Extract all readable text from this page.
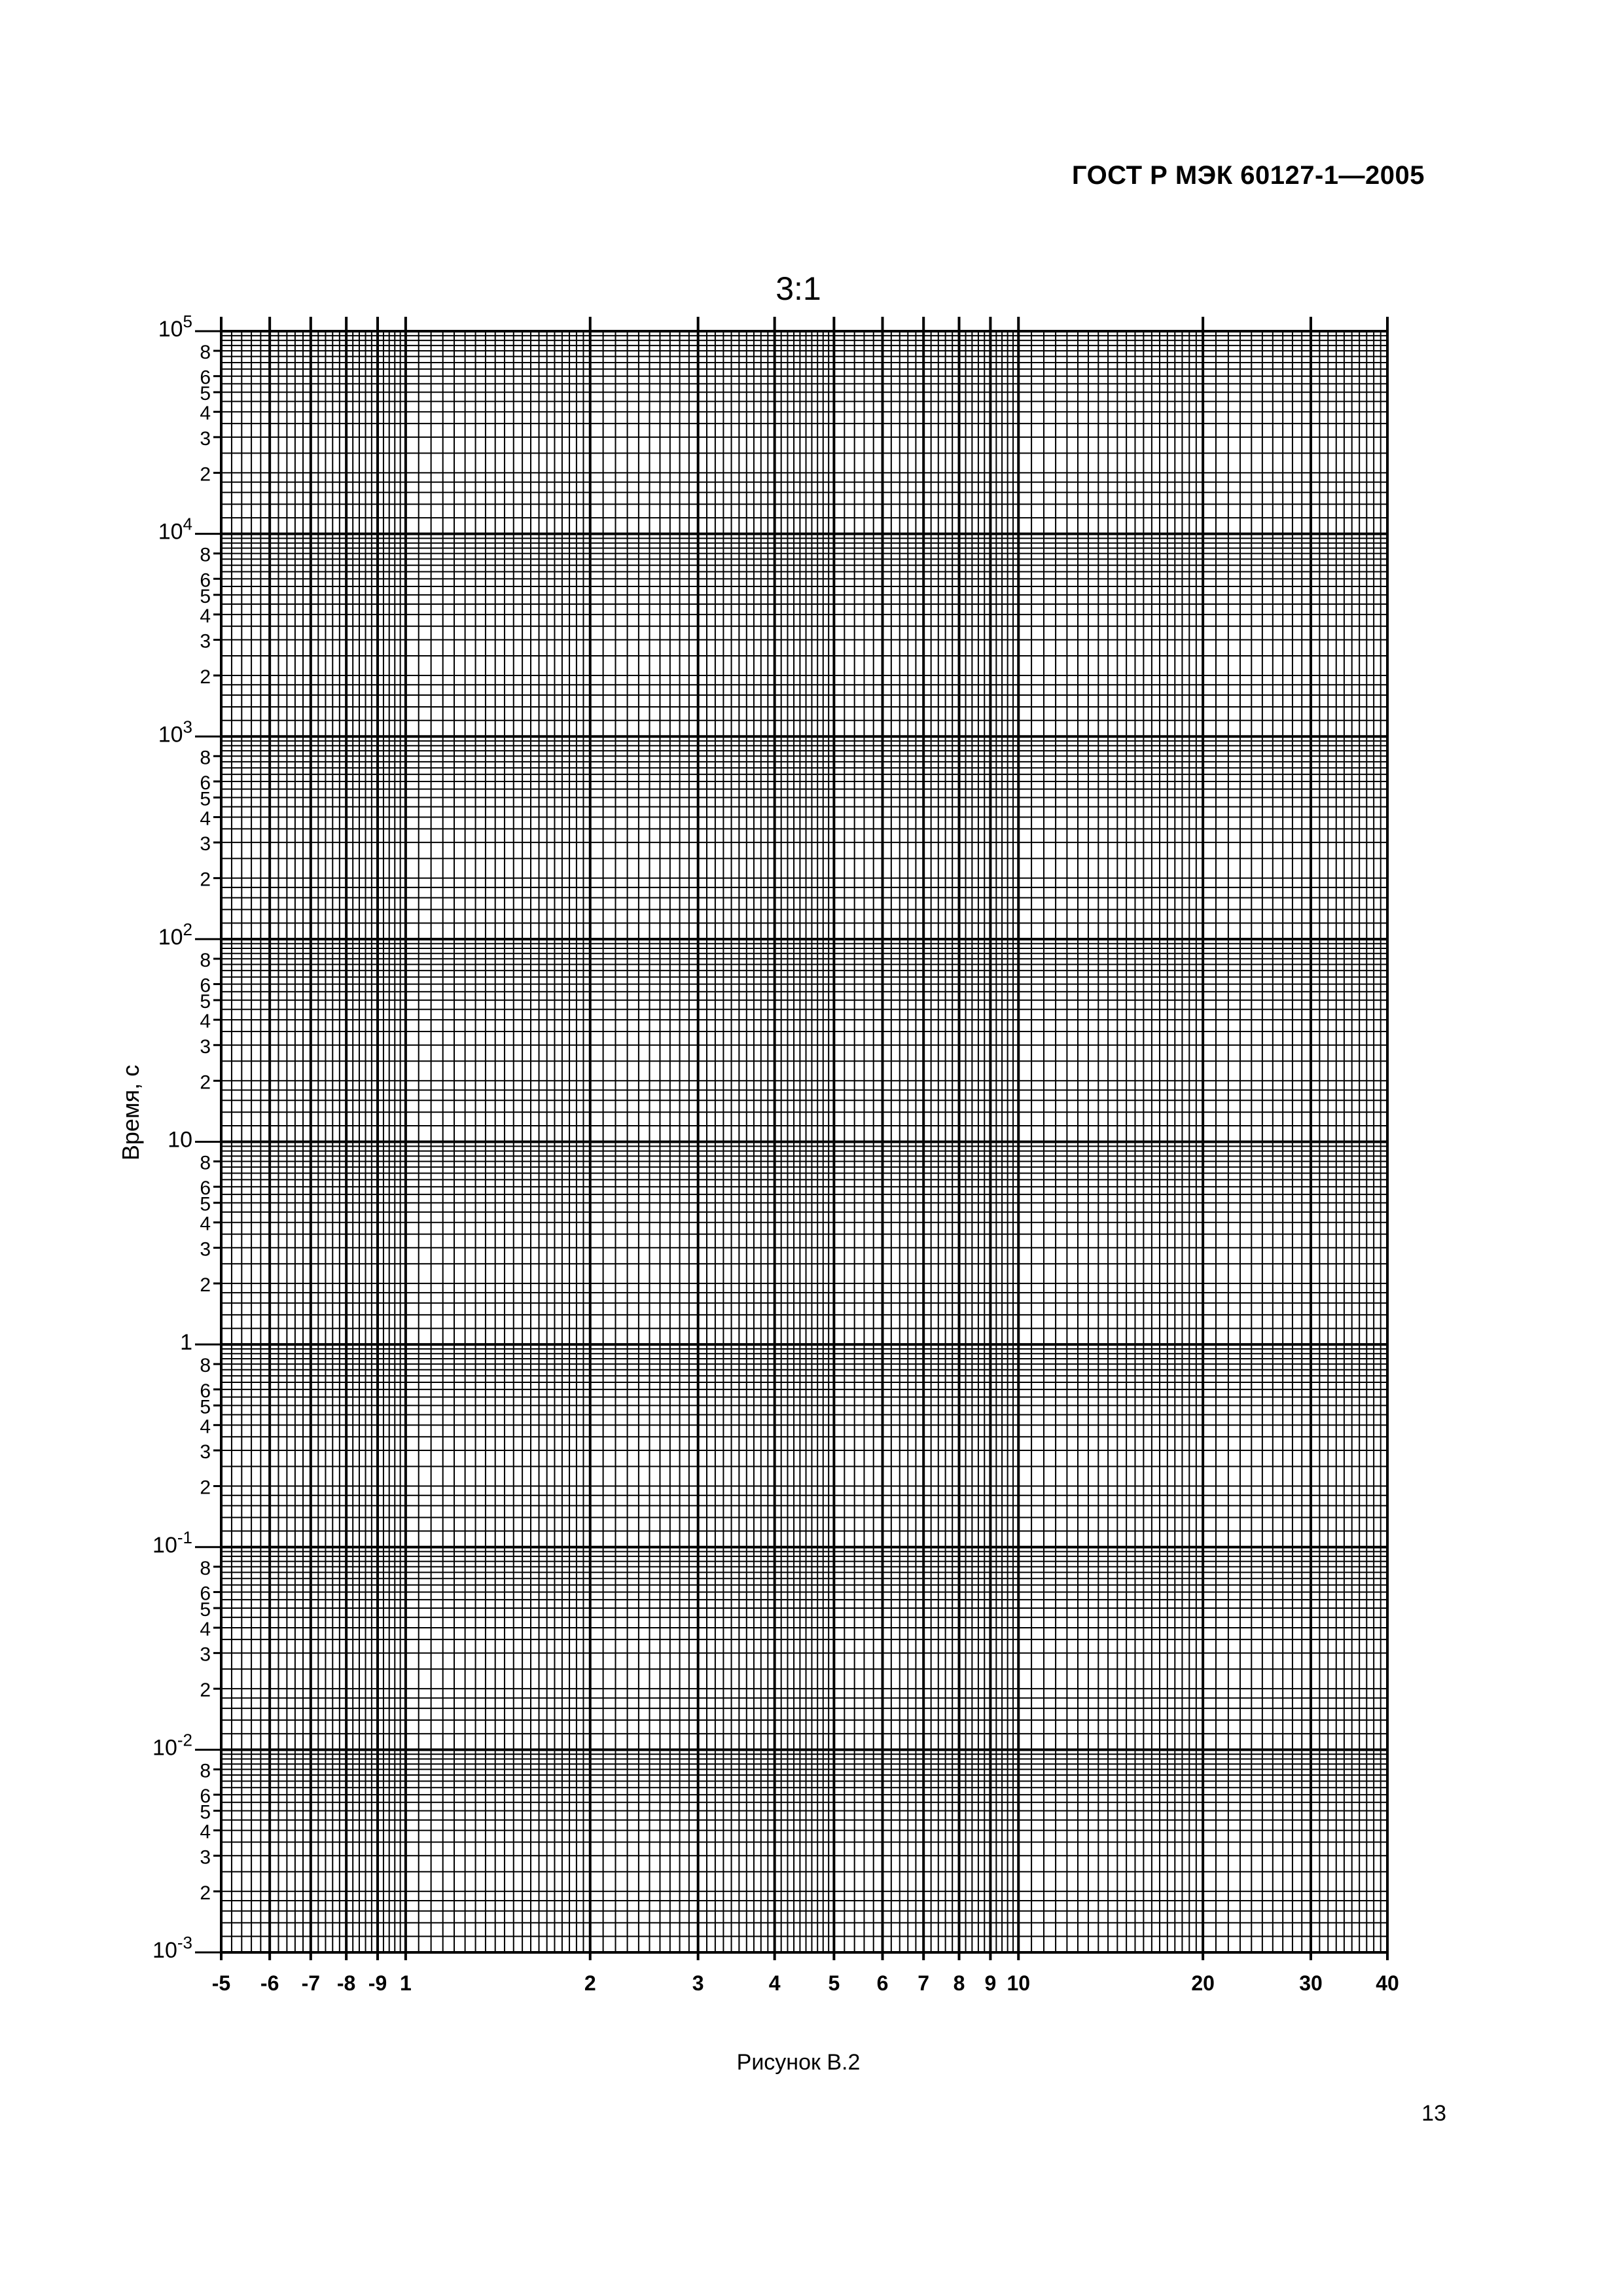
ГОСТ Р МЭК 60127-1—2005
3:1
-5 -6 -7 -8 -9 1	2	3	4 5 6 7 8 9 10	20	30	40
2
3
4
5
6
8
2
3
4
5
6
8
2
3
4
5
6
8
2
3
4
5
6
8
2
3
4
5
6
8
2
3
4
5
6
8
2
3
4
5
6
8
2
3
4
5
6
8
$10^{-3}$
$10^{-2}$
$10^{-1}$
1
10
$10^2$
$10^3$
$10^4$
$10^5$
Время, с
Рисунок В.2
13
